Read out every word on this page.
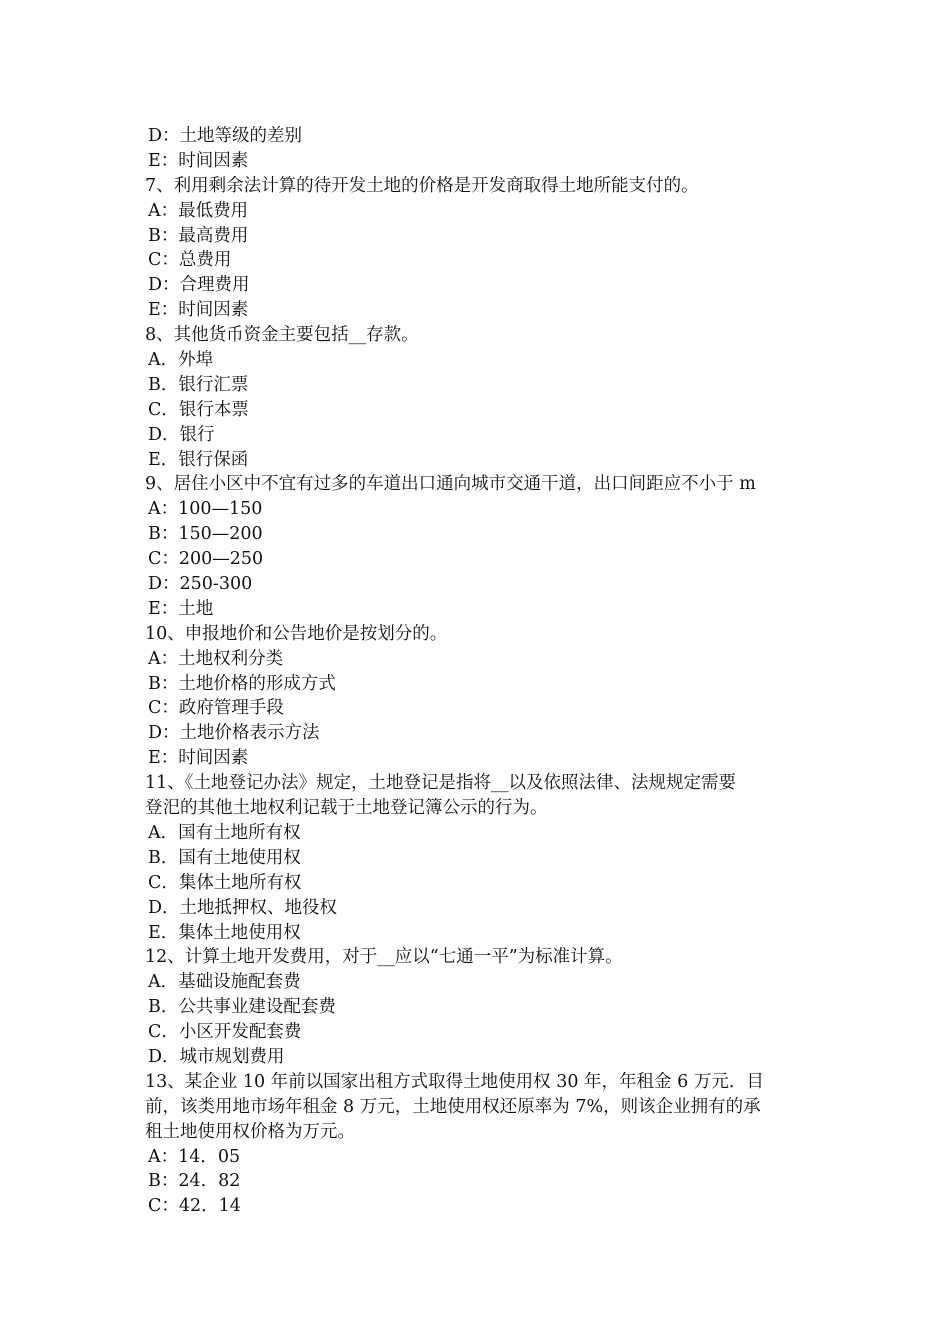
D：土地等级的差别
E：时间因素
7、利用剩余法计算的待开发土地的价格是开发商取得土地所能支付的。
A：最低费用
B：最高费用
C：总费用
D：合理费用
E：时间因素
8、其他货币资金主要包括__存款。
A．外埠
B．银行汇票
C．银行本票
D．银行
E．银行保函
9、居住小区中不宜有过多的车道出口通向城市交通干道，出口间距应不小于 m
A：100—150
B：150—200
C：200—250
D：250-300
E：土地
10、申报地价和公告地价是按划分的。
A：土地权利分类
B：土地价格的形成方式
C：政府管理手段
D：土地价格表示方法
E：时间因素
11、《土地登记办法》规定，土地登记是指将__以及依照法律、法规规定需要
登汜的其他土地权利记载于土地登记簿公示的行为。
A．国有土地所有权
B．国有土地使用权
C．集体土地所有权
D．土地抵押权、地役权
E．集体土地使用权
12、计算土地开发费用，对于__应以“七通一平”为标准计算。
A．基础设施配套费
B．公共事业建设配套费
C．小区开发配套费
D．城市规划费用
13、某企业 10 年前以国家出租方式取得土地使用权 30 年，年租金 6 万元．目
前，该类用地市场年租金 8 万元，土地使用权还原率为 7%，则该企业拥有的承
租土地使用权价格为万元。
A：14．05
B：24．82
C：42．14
